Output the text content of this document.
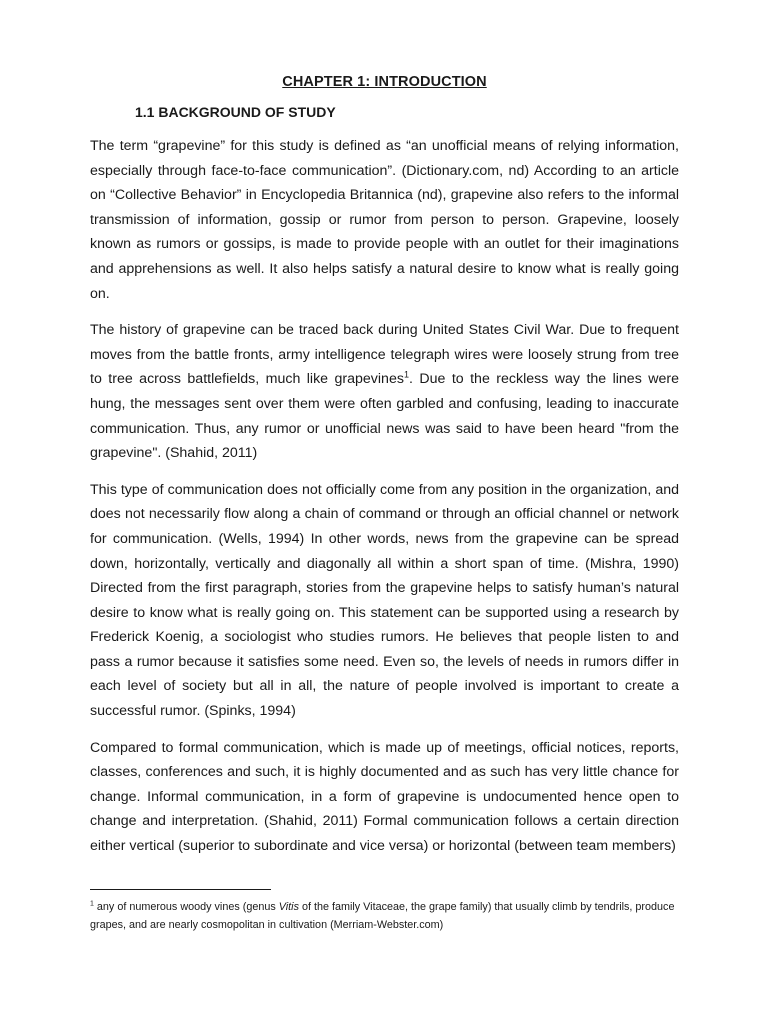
CHAPTER 1: INTRODUCTION
1.1 BACKGROUND OF STUDY

The term “grapevine” for this study is defined as “an unofficial means of relying information, especially through face-to-face communication”. (Dictionary.com, nd) According to an article on “Collective Behavior” in Encyclopedia Britannica (nd), grapevine also refers to the informal transmission of information, gossip or rumor from person to person. Grapevine, loosely known as rumors or gossips, is made to provide people with an outlet for their imaginations and apprehensions as well. It also helps satisfy a natural desire to know what is really going on.

The history of grapevine can be traced back during United States Civil War. Due to frequent moves from the battle fronts, army intelligence telegraph wires were loosely strung from tree to tree across battlefields, much like grapevines$^1$. Due to the reckless way the lines were hung, the messages sent over them were often garbled and confusing, leading to inaccurate communication. Thus, any rumor or unofficial news was said to have been heard "from the grapevine". (Shahid, 2011)

This type of communication does not officially come from any position in the organization, and does not necessarily flow along a chain of command or through an official channel or network for communication. (Wells, 1994) In other words, news from the grapevine can be spread down, horizontally, vertically and diagonally all within a short span of time. (Mishra, 1990) Directed from the first paragraph, stories from the grapevine helps to satisfy human’s natural desire to know what is really going on. This statement can be supported using a research by Frederick Koenig, a sociologist who studies rumors. He believes that people listen to and pass a rumor because it satisfies some need. Even so, the levels of needs in rumors differ in each level of society but all in all, the nature of people involved is important to create a successful rumor. (Spinks, 1994)

Compared to formal communication, which is made up of meetings, official notices, reports, classes, conferences and such, it is highly documented and as such has very little chance for change. Informal communication, in a form of grapevine is undocumented hence open to change and interpretation. (Shahid, 2011) Formal communication follows a certain direction either vertical (superior to subordinate and vice versa) or horizontal (between team members)

$^1$ any of numerous woody vines (genus Vitis of the family Vitaceae, the grape family) that usually climb by tendrils, produce grapes, and are nearly cosmopolitan in cultivation (Merriam-Webster.com)
